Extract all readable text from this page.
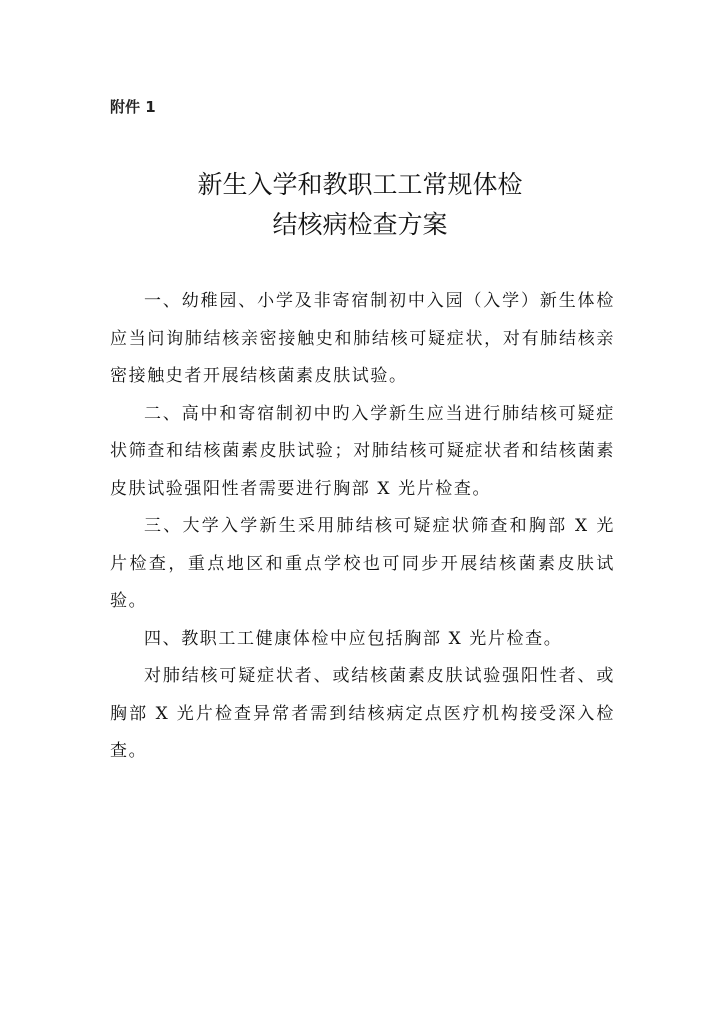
附件 1
新生入学和教职工工常规体检
结核病检查方案

一、幼稚园、小学及非寄宿制初中入园（入学）新生体检应当问询肺结核亲密接触史和肺结核可疑症状，对有肺结核亲密接触史者开展结核菌素皮肤试验。

二、高中和寄宿制初中旳入学新生应当进行肺结核可疑症状筛查和结核菌素皮肤试验；对肺结核可疑症状者和结核菌素皮肤试验强阳性者需要进行胸部 X 光片检查。

三、大学入学新生采用肺结核可疑症状筛查和胸部 X 光片检查，重点地区和重点学校也可同步开展结核菌素皮肤试验。

四、教职工工健康体检中应包括胸部 X 光片检查。

对肺结核可疑症状者、或结核菌素皮肤试验强阳性者、或胸部 X 光片检查异常者需到结核病定点医疗机构接受深入检查。
